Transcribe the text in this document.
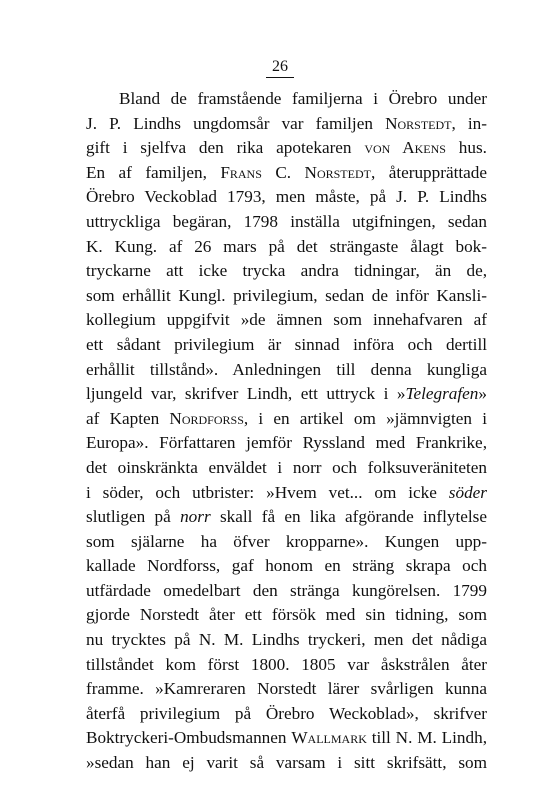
26
Bland de framstående familjerna i Örebro under
J. P. Lindhs ungdomsår var familjen Norstedt, in-
gift i sjelfva den rika apotekaren von Akens hus.
En af familjen, Frans C. Norstedt, återupprättade
Örebro Veckoblad 1793, men måste, på J. P. Lindhs
uttryckliga begäran, 1798 inställa utgifningen, sedan
K. Kung. af 26 mars på det strängaste ålagt bok-
tryckarne att icke trycka andra tidningar, än de,
som erhållit Kungl. privilegium, sedan de inför Kansli-
kollegium uppgifvit »de ämnen som innehafvaren af
ett sådant privilegium är sinnad införa och dertill
erhållit tillstånd». Anledningen till denna kungliga
ljungeld var, skrifver Lindh, ett uttryck i »Telegrafen»
af Kapten Nordforss, i en artikel om »jämnvigten i
Europa». Författaren jemför Ryssland med Frankrike,
det oinskränkta enväldet i norr och folksuveräniteten
i söder, och utbrister: »Hvem vet... om icke söder
slutligen på norr skall få en lika afgörande inflytelse
som själarne ha öfver kropparne». Kungen upp-
kallade Nordforss, gaf honom en sträng skrapa och
utfärdade omedelbart den stränga kungörelsen. 1799
gjorde Norstedt åter ett försök med sin tidning, som
nu trycktes på N. M. Lindhs tryckeri, men det nådiga
tillståndet kom först 1800. 1805 var åskstrålen åter
framme. »Kamreraren Norstedt lärer svårligen kunna
återfå privilegium på Örebro Weckoblad», skrifver
Boktryckeri-Ombudsmannen Wallmark till N. M. Lindh,
»sedan han ej varit så varsam i sitt skrifsätt, som
